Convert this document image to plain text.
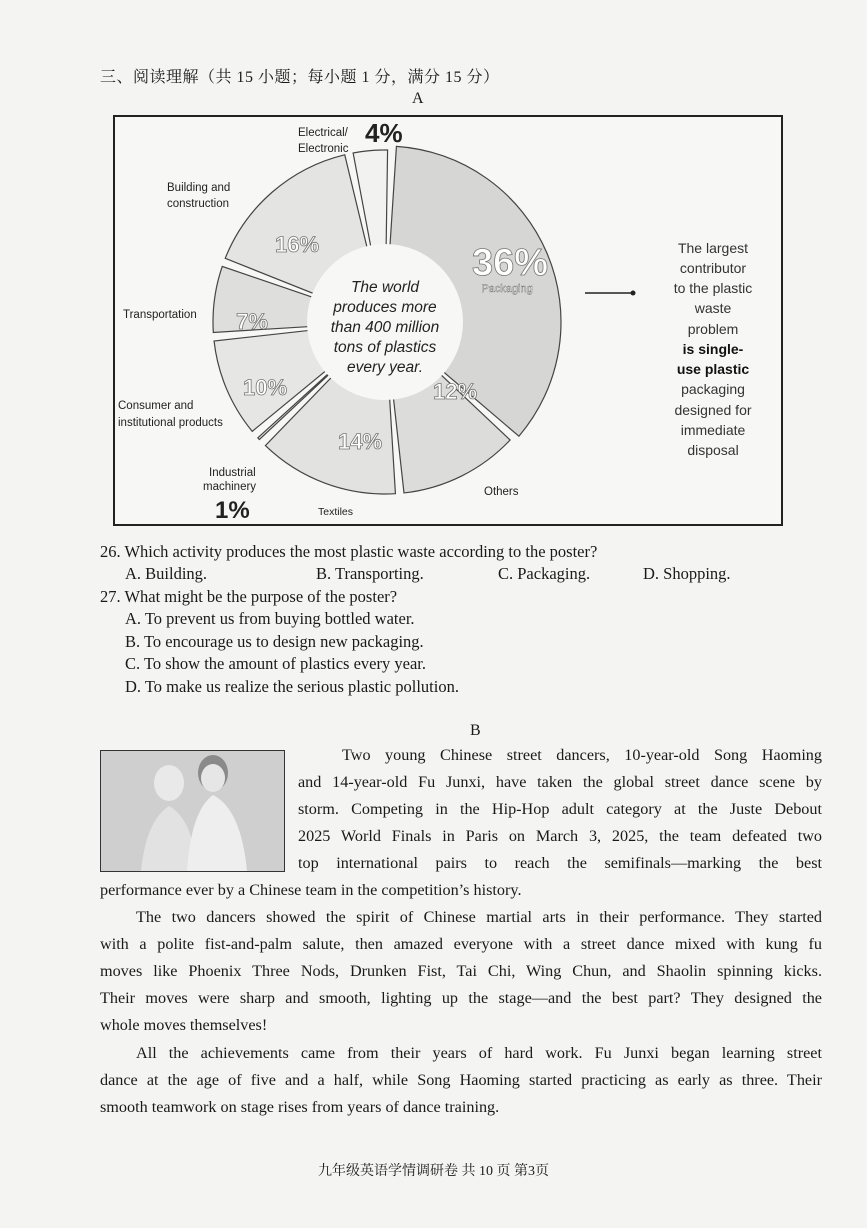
三、阅读理解（共 15 小题；每小题 1 分，满分 15 分）
A
The world
produces more
than 400 million
tons of plastics
every year.
36%
12%
14%
10%
7%
16%
Packaging
Electrical/
Electronic
4%
Building and
construction
Transportation
Consumer and
institutional products
Industrial
machinery
1%	Textiles
Others
The largest
contributor
to the plastic
waste
problem
is single-
use plastic
packaging
designed for
immediate
disposal
26. Which activity produces the most plastic waste according to the poster?
A. Building.	B. Transporting.	C. Packaging.	D. Shopping.
27. What might be the purpose of the poster?
A. To prevent us from buying bottled water.
B. To encourage us to design new packaging.
C. To show the amount of plastics every year.
D. To make us realize the serious plastic pollution.
B
Two young Chinese street dancers, 10-year-old Song Haoming
and 14-year-old Fu Junxi, have taken the global street dance scene by
storm. Competing in the Hip-Hop adult category at the Juste Debout
2025 World Finals in Paris on March 3, 2025, the team defeated two
top international pairs to reach the semifinals—marking the best
performance ever by a Chinese team in the competition’s history.
The two dancers showed the spirit of Chinese martial arts in their performance. They started
with a polite fist-and-palm salute, then amazed everyone with a street dance mixed with kung fu
moves like Phoenix Three Nods, Drunken Fist, Tai Chi, Wing Chun, and Shaolin spinning kicks.
Their moves were sharp and smooth, lighting up the stage—and the best part? They designed the
whole moves themselves!
All the achievements came from their years of hard work. Fu Junxi began learning street
dance at the age of five and a half, while Song Haoming started practicing as early as three. Their
smooth teamwork on stage rises from years of dance training.
九年级英语学情调研卷 共 10 页 第3页
